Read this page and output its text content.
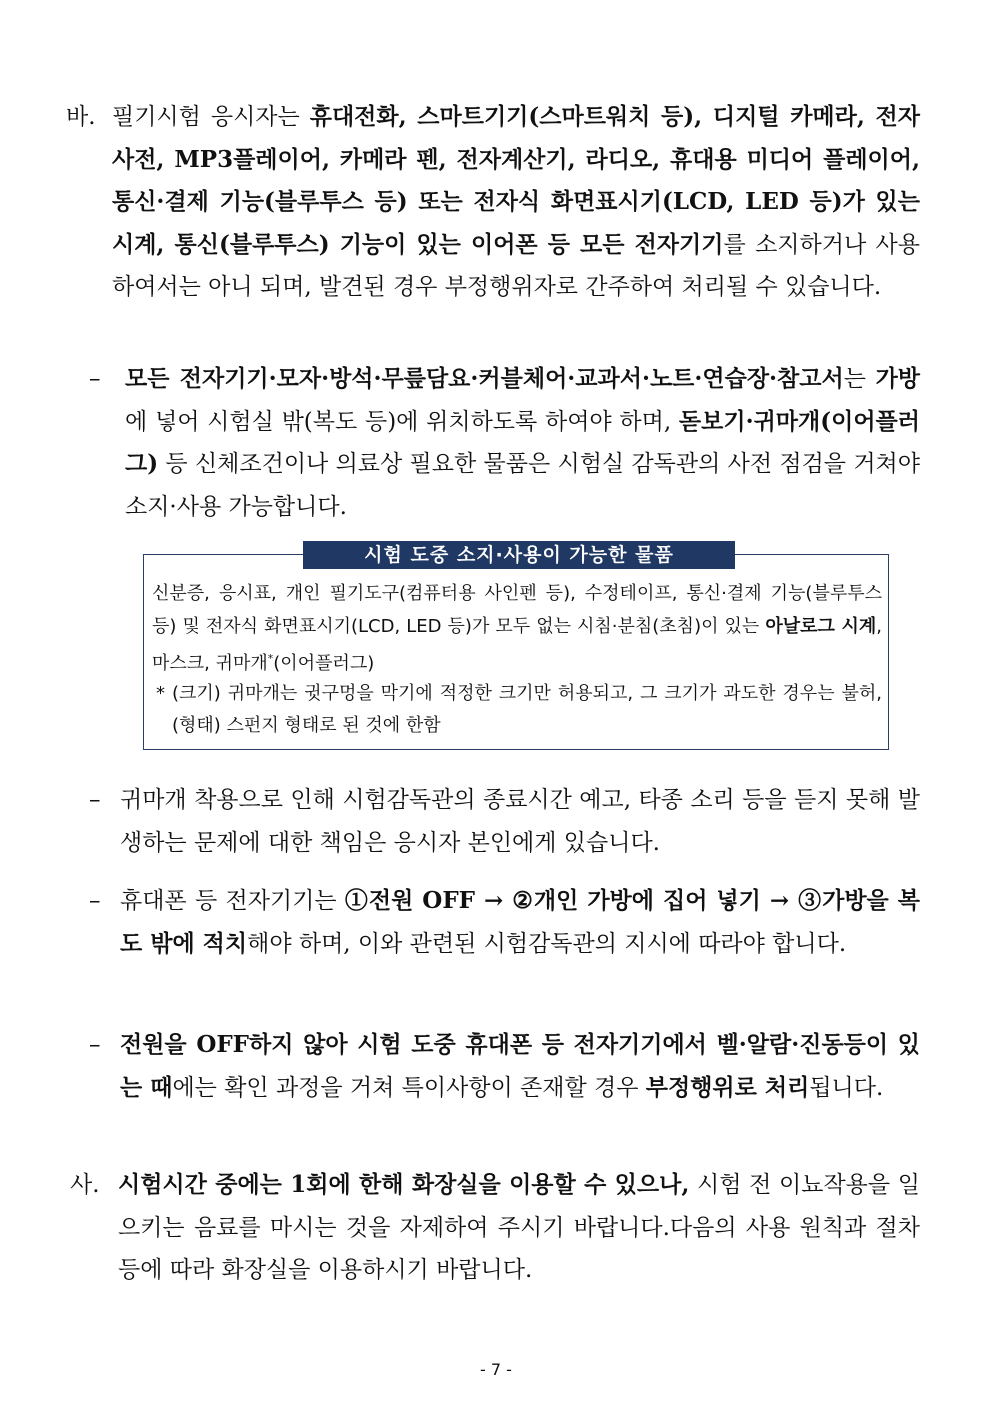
바. 필기시험 응시자는 휴대전화, 스마트기기(스마트워치 등), 디지털 카메라, 전자사전, MP3플레이어, 카메라 펜, 전자계산기, 라디오, 휴대용 미디어 플레이어, 통신·결제 기능(블루투스 등) 또는 전자식 화면표시기(LCD, LED 등)가 있는 시계, 통신(블루투스) 기능이 있는 이어폰 등 모든 전자기기를 소지하거나 사용하여서는 아니 되며, 발견된 경우 부정행위자로 간주하여 처리될 수 있습니다.

– 모든 전자기기·모자·방석·무릎담요·커블체어·교과서·노트·연습장·참고서는 가방에 넣어 시험실 밖(복도 등)에 위치하도록 하여야 하며, 돋보기·귀마개(이어플러그) 등 신체조건이나 의료상 필요한 물품은 시험실 감독관의 사전 점검을 거쳐야 소지·사용 가능합니다.

시험 도중 소지·사용이 가능한 물품

신분증, 응시표, 개인 필기도구(컴퓨터용 사인펜 등), 수정테이프, 통신·결제 기능(블루투스 등) 및 전자식 화면표시기(LCD, LED 등)가 모두 없는 시침·분침(초침)이 있는 아날로그 시계, 마스크, 귀마개*(이어플러그)

* (크기) 귀마개는 귓구멍을 막기에 적정한 크기만 허용되고, 그 크기가 과도한 경우는 불허, (형태) 스펀지 형태로 된 것에 한함

– 귀마개 착용으로 인해 시험감독관의 종료시간 예고, 타종 소리 등을 듣지 못해 발생하는 문제에 대한 책임은 응시자 본인에게 있습니다.

– 휴대폰 등 전자기기는 ①전원 OFF → ②개인 가방에 집어 넣기 → ③가방을 복도 밖에 적치해야 하며, 이와 관련된 시험감독관의 지시에 따라야 합니다.

– 전원을 OFF하지 않아 시험 도중 휴대폰 등 전자기기에서 벨·알람·진동등이 있는 때에는 확인 과정을 거쳐 특이사항이 존재할 경우 부정행위로 처리됩니다.

사. 시험시간 중에는 1회에 한해 화장실을 이용할 수 있으나, 시험 전 이뇨작용을 일으키는 음료를 마시는 것을 자제하여 주시기 바랍니다.다음의 사용 원칙과 절차 등에 따라 화장실을 이용하시기 바랍니다.

- 7 -
